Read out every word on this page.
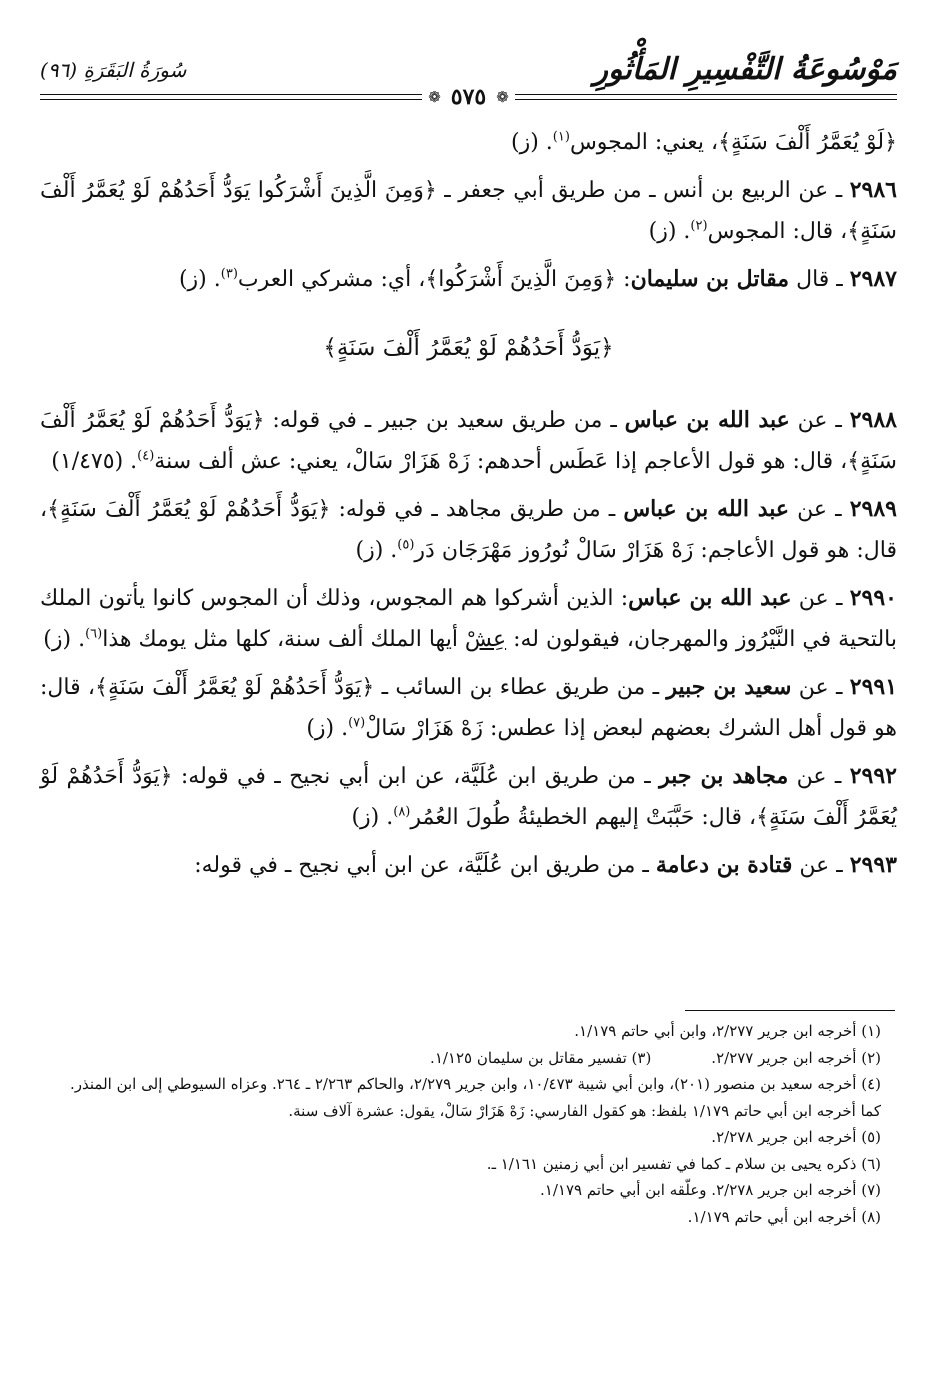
مَوْسُوعَةُ التَّفْسِيرِ المَأْثُورِ
سُورَةُ البَقَرَةِ (٩٦)
❁
٥٧٥
❁

﴿لَوْ يُعَمَّرُ أَلْفَ سَنَةٍ﴾، يعني: المجوس$^{(١)}$. (ز)

٢٩٨٦ ـ عن الربيع بن أنس ـ من طريق أبي جعفر ـ ﴿وَمِنَ الَّذِينَ أَشْرَكُوا يَوَدُّ أَحَدُهُمْ لَوْ يُعَمَّرُ أَلْفَ سَنَةٍ﴾، قال: المجوس$^{(٢)}$. (ز)

٢٩٨٧ ـ قال مقاتل بن سليمان: ﴿وَمِنَ الَّذِينَ أَشْرَكُوا﴾، أي: مشركي العرب$^{(٣)}$. (ز)

﴿يَوَدُّ أَحَدُهُمْ لَوْ يُعَمَّرُ أَلْفَ سَنَةٍ﴾

٢٩٨٨ ـ عن عبد الله بن عباس ـ من طريق سعيد بن جبير ـ في قوله: ﴿يَوَدُّ أَحَدُهُمْ لَوْ يُعَمَّرُ أَلْفَ سَنَةٍ﴾، قال: هو قول الأعاجم إذا عَطَس أحدهم: زَهْ هَزَارْ سَالْ، يعني: عش ألف سنة$^{(٤)}$. (١/٤٧٥)

٢٩٨٩ ـ عن عبد الله بن عباس ـ من طريق مجاهد ـ في قوله: ﴿يَوَدُّ أَحَدُهُمْ لَوْ يُعَمَّرُ أَلْفَ سَنَةٍ﴾، قال: هو قول الأعاجم: زَهْ هَزَارْ سَالْ نُورُوز مَهْرَجَان دَر$^{(٥)}$. (ز)

٢٩٩٠ ـ عن عبد الله بن عباس: الذين أشركوا هم المجوس، وذلك أن المجوس كانوا يأتون الملك بالتحية في النَّيْرُوز والمهرجان، فيقولون له: عِشْ أيها الملك ألف سنة، كلها مثل يومك هذا$^{(٦)}$. (ز)

٢٩٩١ ـ عن سعيد بن جبير ـ من طريق عطاء بن السائب ـ ﴿يَوَدُّ أَحَدُهُمْ لَوْ يُعَمَّرُ أَلْفَ سَنَةٍ﴾، قال: هو قول أهل الشرك بعضهم لبعض إذا عطس: زَهْ هَزَارْ سَالْ$^{(٧)}$. (ز)

٢٩٩٢ ـ عن مجاهد بن جبر ـ من طريق ابن عُلَيَّة، عن ابن أبي نجيح ـ في قوله: ﴿يَوَدُّ أَحَدُهُمْ لَوْ يُعَمَّرُ أَلْفَ سَنَةٍ﴾، قال: حَبَّبَتْ إليهم الخطيئةُ طُولَ العُمُر$^{(٨)}$. (ز)

٢٩٩٣ ـ عن قتادة بن دعامة ـ من طريق ابن عُلَيَّة، عن ابن أبي نجيح ـ في قوله:

(١) أخرجه ابن جرير ٢/٢٧٧، وابن أبي حاتم ١/١٧٩.

(٢) أخرجه ابن جرير ٢/٢٧٧.

(٣) تفسير مقاتل بن سليمان ١/١٢٥.

(٤) أخرجه سعيد بن منصور (٢٠١)، وابن أبي شيبة ١٠/٤٧٣، وابن جرير ٢/٢٧٩، والحاكم ٢/٢٦٣ ـ ٢٦٤. وعزاه السيوطي إلى ابن المنذر. كما أخرجه ابن أبي حاتم ١/١٧٩ بلفظ: هو كقول الفارسي: زَهْ هَزَارْ سَالْ، يقول: عشرة آلاف سنة.

(٥) أخرجه ابن جرير ٢/٢٧٨.

(٦) ذكره يحيى بن سلام ـ كما في تفسير ابن أبي زمنين ١/١٦١ ـ.

(٧) أخرجه ابن جرير ٢/٢٧٨. وعلّقه ابن أبي حاتم ١/١٧٩.

(٨) أخرجه ابن أبي حاتم ١/١٧٩.
